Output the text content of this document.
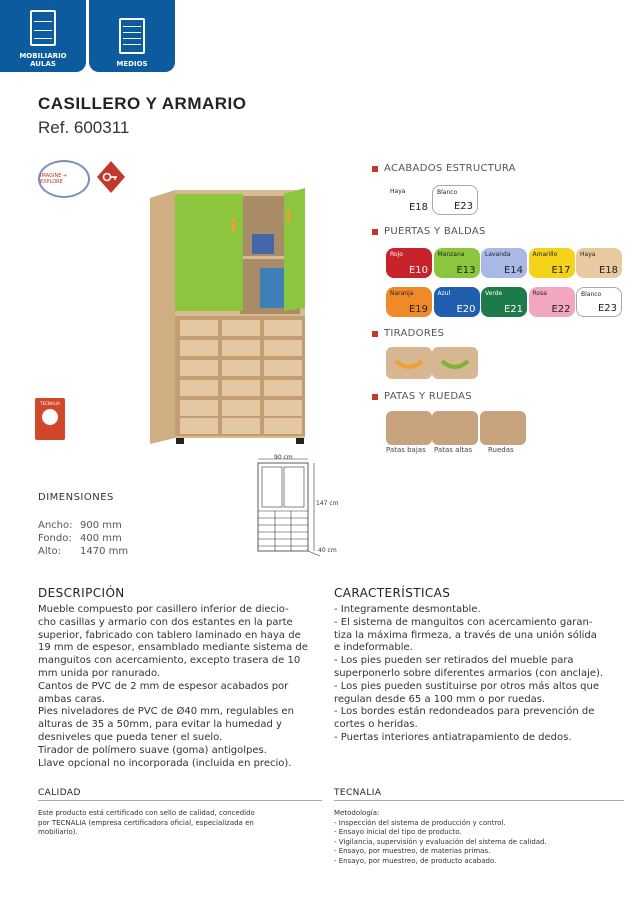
MOBILIARIO
AULAS	MEDIOS
CASILLERO Y ARMARIO
Ref. 600311
IMAGINE + EXPLORE
TECNALIA
90 cm
147 cm
40 cm
ACABADOS ESTRUCTURA
Haya
E18
Blanco
E23
PUERTAS Y BALDAS
Rojo
E10
Manzana
E13
Lavanda
E14
Amarillo
E17
Haya
E18
Naranja
E19
Azul
E20
Verde
E21
Rosa
E22
Blanco
E23
TIRADORES
PATAS Y RUEDAS
Patas bajas Patas altas Ruedas
DIMENSIONES
Ancho: 900 mm
Fondo: 400 mm
Alto: 1470 mm
DESCRIPCIÓN
Mueble compuesto por casillero inferior de diecio-
cho casillas y armario con dos estantes en la parte
superior, fabricado con tablero laminado en haya de
19 mm de espesor, ensamblado mediante sistema de
manguitos con acercamiento, excepto trasera de 10
mm unida por ranurado.
Cantos de PVC de 2 mm de espesor acabados por
ambas caras.
Pies niveladores de PVC de Ø40 mm, regulables en
alturas de 35 a 50mm, para evitar la humedad y
desniveles que pueda tener el suelo.
Tirador de polímero suave (goma) antigolpes.
Llave opcional no incorporada (incluida en precio).
CARACTERÍSTICAS
- Integramente desmontable.
- El sistema de manguitos con acercamiento garan-
tiza la máxima firmeza, a través de una unión sólida
e indeformable.
- Los pies pueden ser retirados del mueble para
superponerlo sobre diferentes armarios (con anclaje).
- Los pies pueden sustituirse por otros más altos que
regulan desde 65 a 100 mm o por ruedas.
- Los bordes están redondeados para prevención de
cortes o heridas.
- Puertas interiores antiatrapamiento de dedos.
CALIDAD
Este producto está certificado con sello de calidad, concedido
por TECNALIA (empresa certificadora oficial, especializada en
mobiliario).
TECNALIA
Metodología:
- Inspección del sistema de producción y control.
- Ensayo inicial del tipo de producto.
- Vigilancia, supervisión y evaluación del sistema de calidad.
- Ensayo, por muestreo, de materias primas.
- Ensayo, por muestreo, de producto acabado.
